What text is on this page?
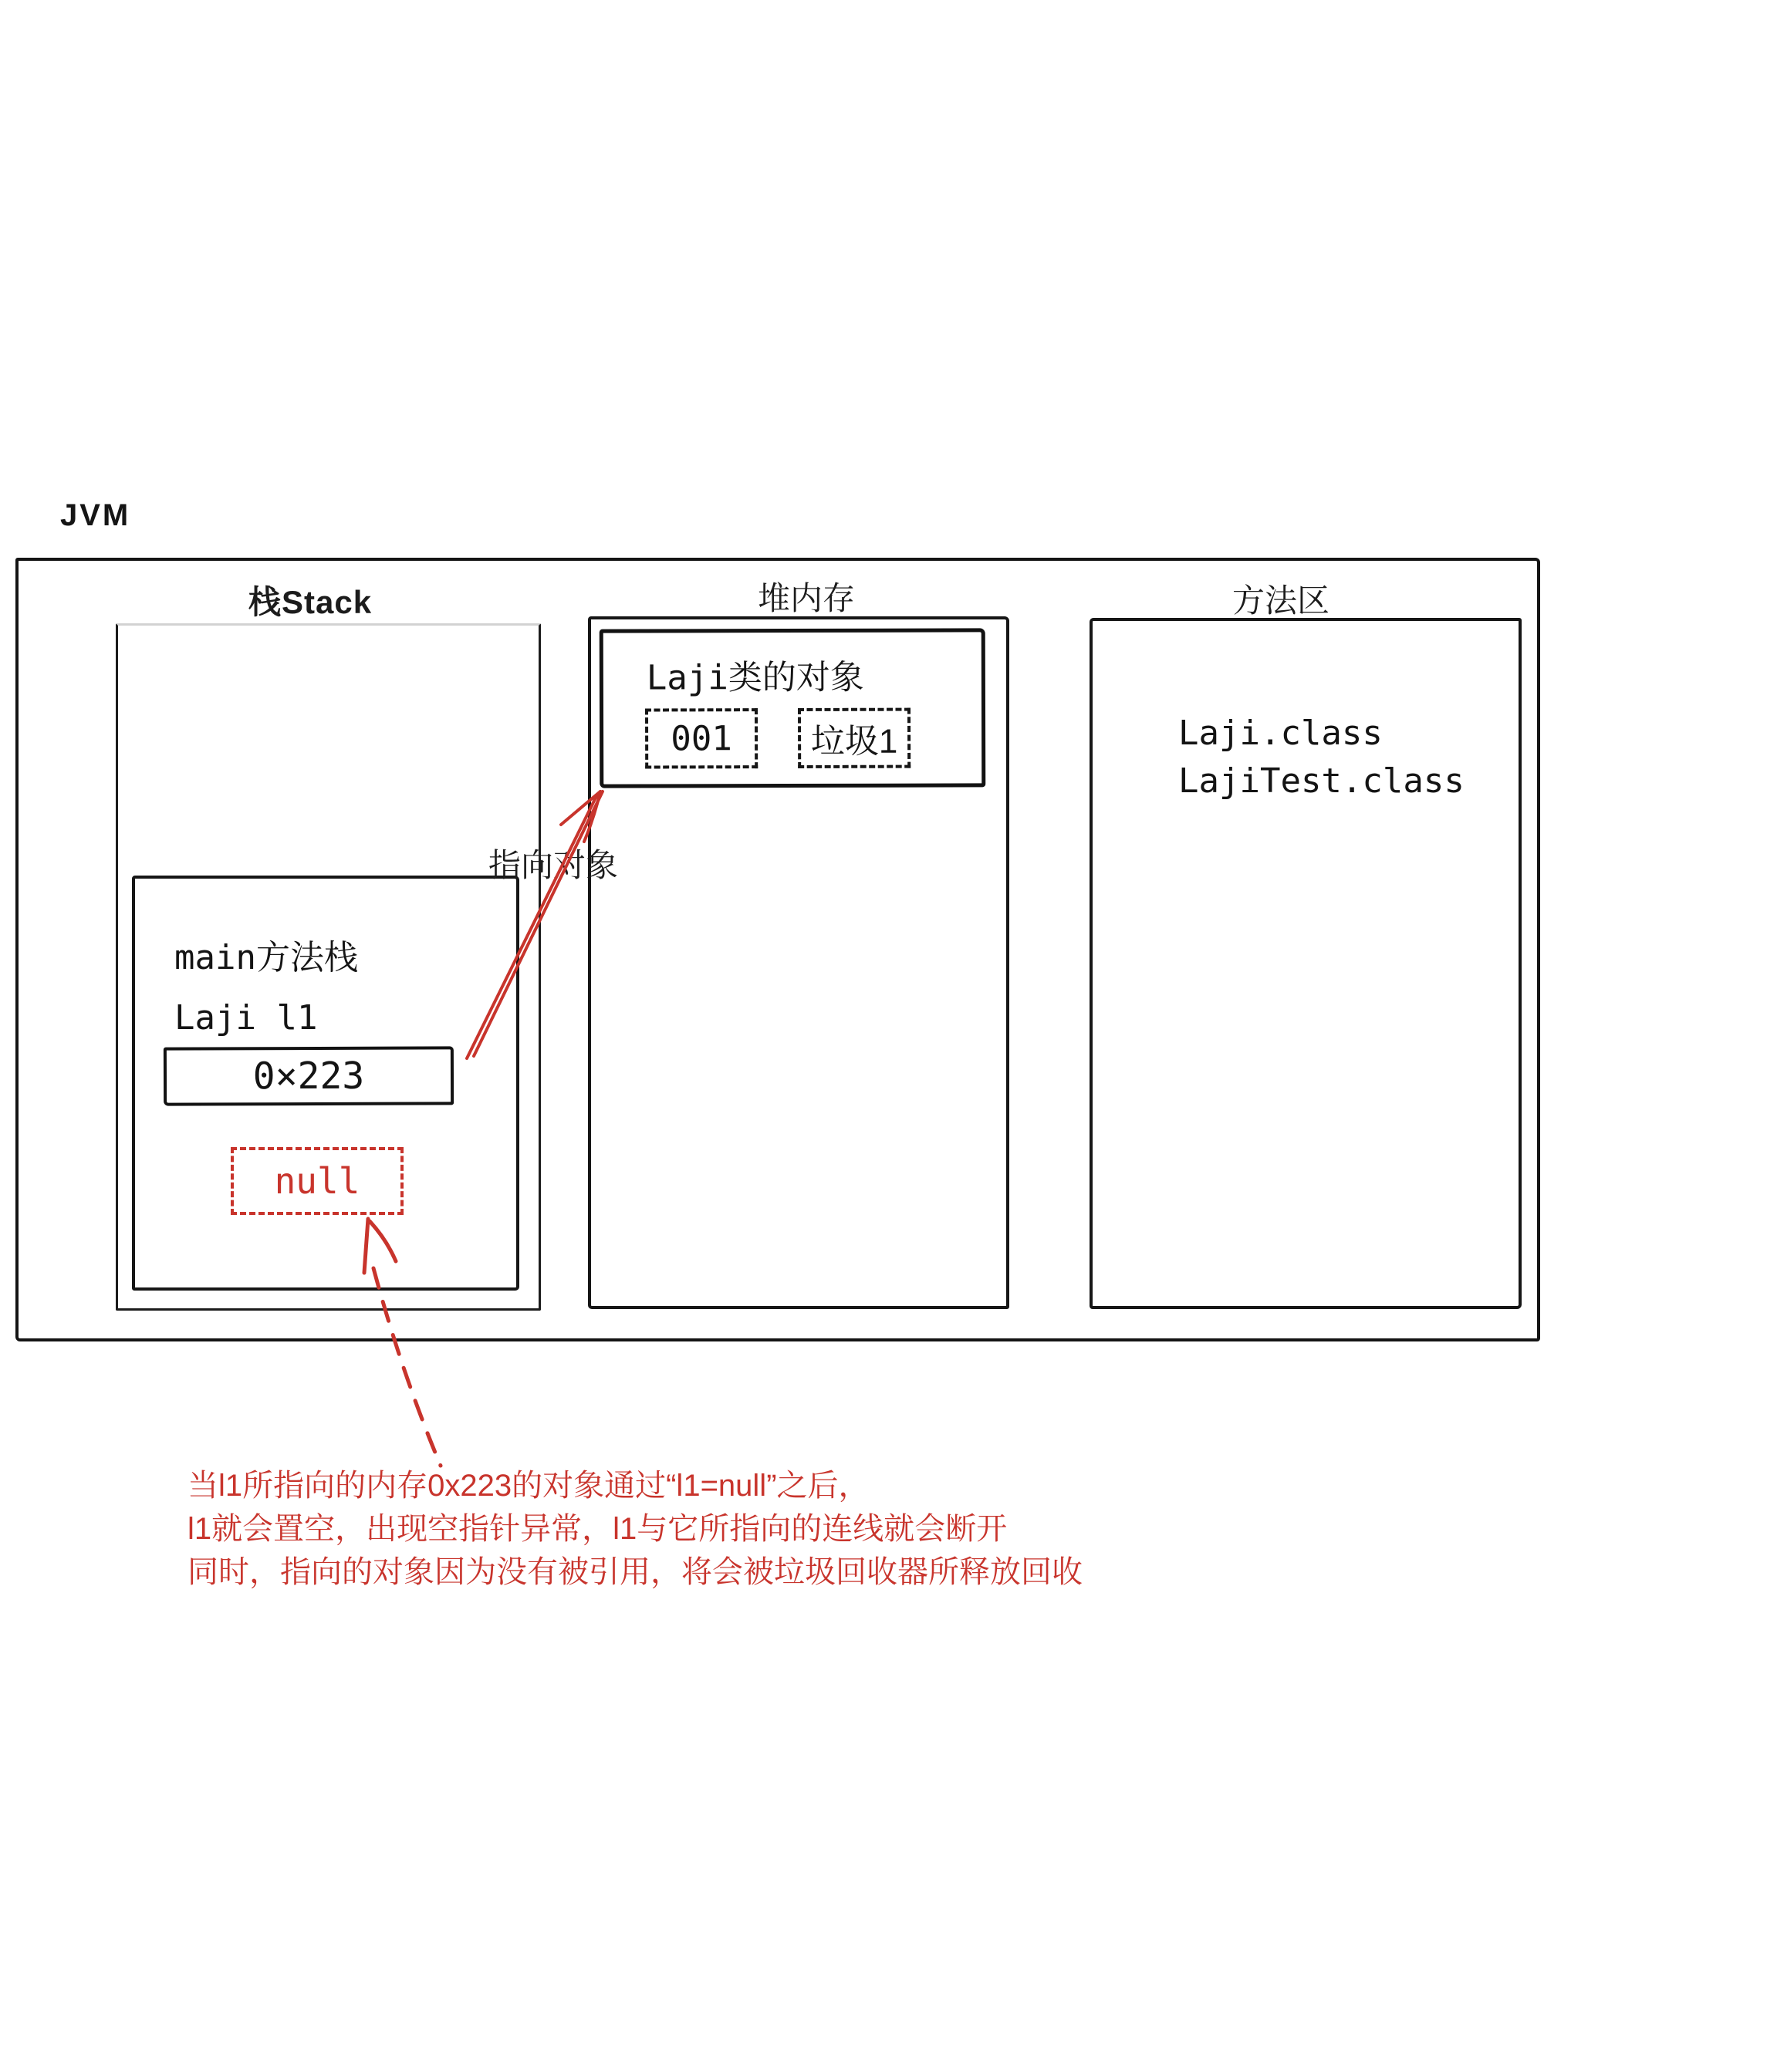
JVM
栈Stack	堆内存	方法区
Laji类的对象
001	垃圾1
main方法栈
Laji l1
0×223
null
指向对象
Laji.class
LajiTest.class
当l1所指向的内存0x223的对象通过“l1=null”之后，
l1就会置空，出现空指针异常，l1与它所指向的连线就会断开
同时，指向的对象因为没有被引用，将会被垃圾回收器所释放回收
